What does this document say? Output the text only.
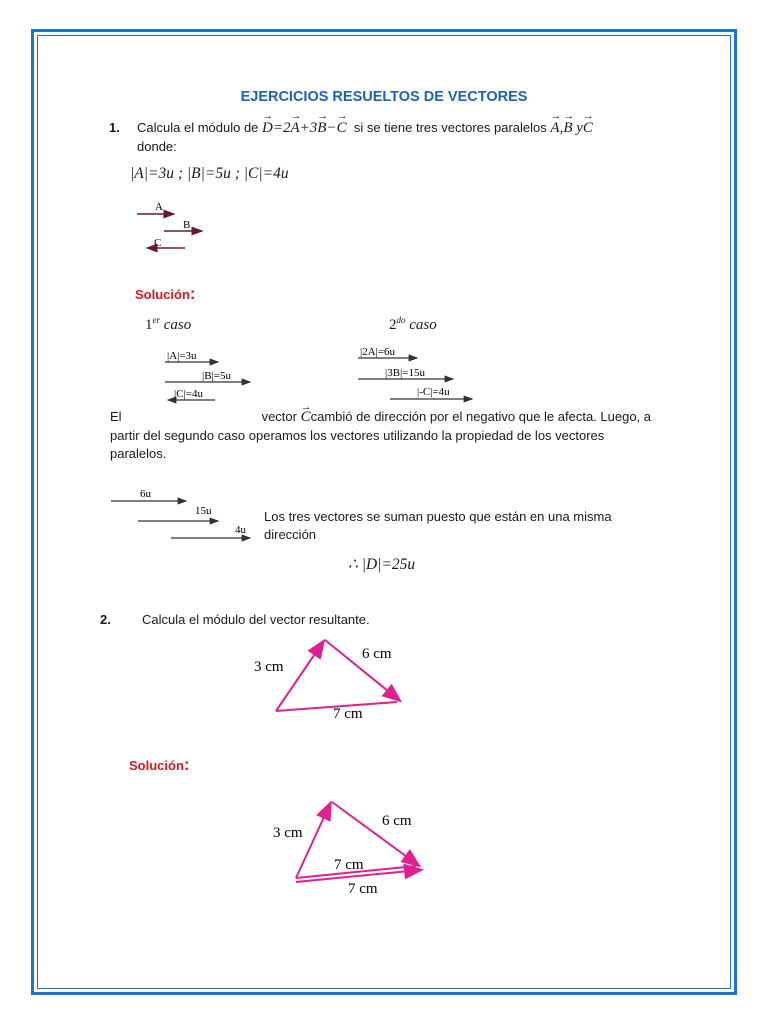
EJERCICIOS RESUELTOS DE VECTORES
1. Calcula el módulo de → D=2→ A+3→ B−→ C si se tiene tres vectores paralelos → A,→ B y→ C
donde:
|A|=3u ; |B|=5u ; |C|=4u
A
B
C
Solución:
1er caso	$2^{do}$ caso
|A|=3u
|B|=5u
|C|=4u
|2A|=6u
|3B|=15u
|-C|=4u
El	vector → Ccambió de dirección por el negativo que le afecta. Luego, a
partir del segundo caso operamos los vectores utilizando la propiedad de los vectores
paralelos.
6u
15u
4u
Los tres vectores se suman puesto que están en una misma
dirección
∴ |D|=25u
2. Calcula el módulo del vector resultante.
3 cm
6 cm
7 cm
Solución:
3 cm
6 cm
7 cm
7 cm
